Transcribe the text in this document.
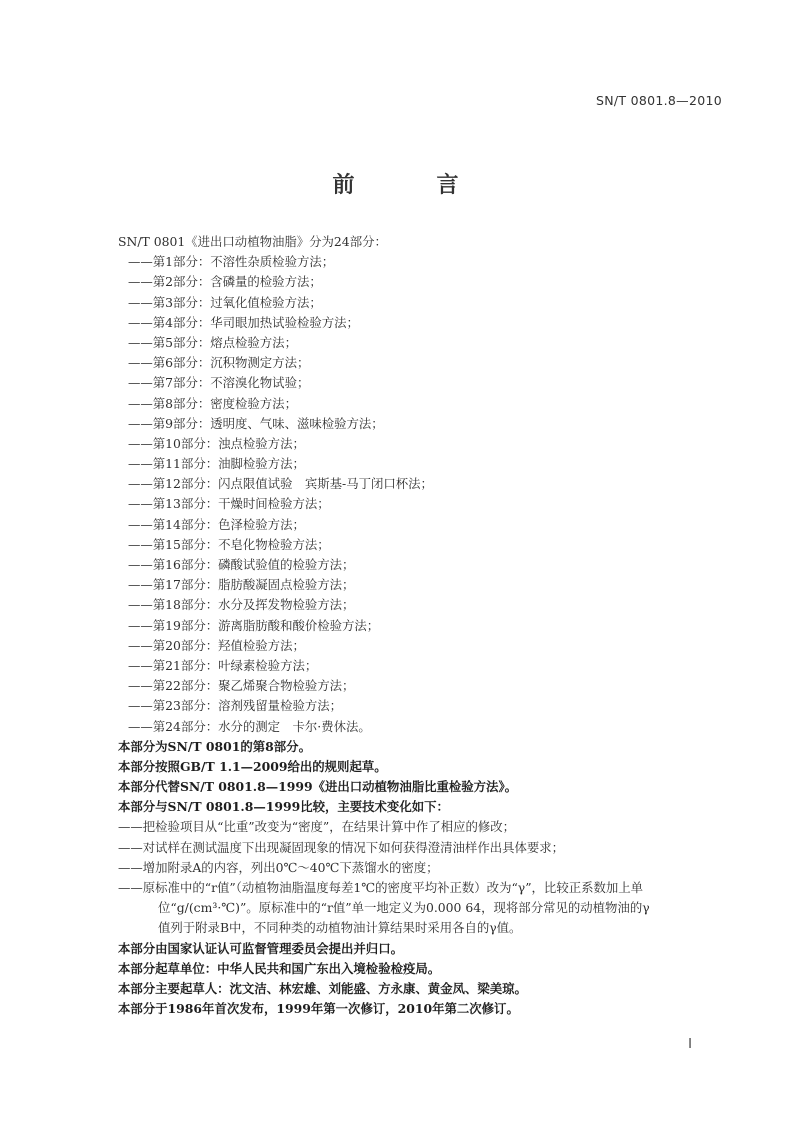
SN/T 0801.8—2010
前　言
SN/T 0801《进出口动植物油脂》分为24部分：
——第1部分：不溶性杂质检验方法；
——第2部分：含磷量的检验方法；
——第3部分：过氧化值检验方法；
——第4部分：华司眼加热试验检验方法；
——第5部分：熔点检验方法；
——第6部分：沉积物测定方法；
——第7部分：不溶溴化物试验；
——第8部分：密度检验方法；
——第9部分：透明度、气味、滋味检验方法；
——第10部分：浊点检验方法；
——第11部分：油脚检验方法；
——第12部分：闪点限值试验　宾斯基-马丁闭口杯法；
——第13部分：干燥时间检验方法；
——第14部分：色泽检验方法；
——第15部分：不皂化物检验方法；
——第16部分：磷酸试验值的检验方法；
——第17部分：脂肪酸凝固点检验方法；
——第18部分：水分及挥发物检验方法；
——第19部分：游离脂肪酸和酸价检验方法；
——第20部分：羟值检验方法；
——第21部分：叶绿素检验方法；
——第22部分：聚乙烯聚合物检验方法；
——第23部分：溶剂残留量检验方法；
——第24部分：水分的测定　卡尔·费休法。
本部分为SN/T 0801的第8部分。
本部分按照GB/T 1.1—2009给出的规则起草。
本部分代替SN/T 0801.8—1999《进出口动植物油脂比重检验方法》。
本部分与SN/T 0801.8—1999比较，主要技术变化如下：
——把检验项目从“比重”改变为“密度”，在结果计算中作了相应的修改；
——对试样在测试温度下出现凝固现象的情况下如何获得澄清油样作出具体要求；
——增加附录A的内容，列出0℃～40℃下蒸馏水的密度；
——原标准中的“r值”（动植物油脂温度每差1℃的密度平均补正数）改为“γ”，比较正系数加上单
位“g/(cm³·℃)”。原标准中的“r值”单一地定义为0.000 64，现将部分常见的动植物油的γ
值列于附录B中，不同种类的动植物油计算结果时采用各自的γ值。
本部分由国家认证认可监督管理委员会提出并归口。
本部分起草单位：中华人民共和国广东出入境检验检疫局。
本部分主要起草人：沈文洁、林宏雄、刘能盛、方永康、黄金凤、梁美琼。
本部分于1986年首次发布，1999年第一次修订，2010年第二次修订。
I
